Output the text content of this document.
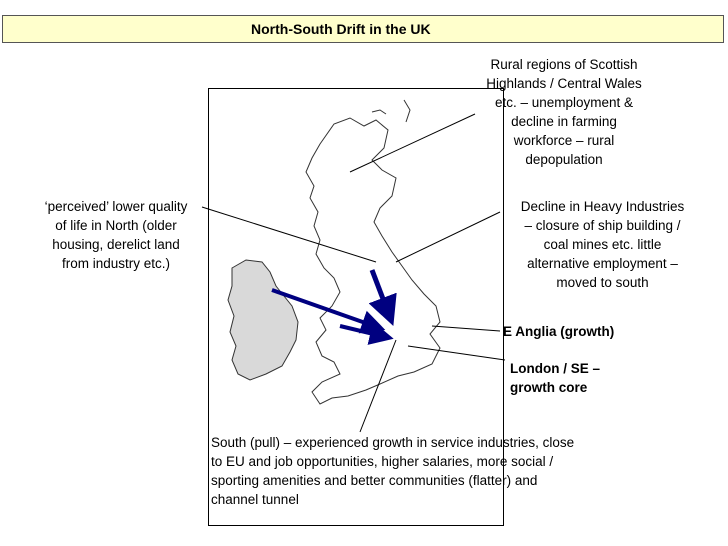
North-South Drift in the UK
Rural regions of Scottish
Highlands / Central Wales
etc. – unemployment &
decline in farming
workforce – rural
depopulation
‘perceived’ lower quality
of life in North (older
housing, derelict land
from industry etc.)
Decline in Heavy Industries
– closure of ship building /
coal mines etc. little
alternative employment –
moved to south
E Anglia (growth)
London / SE –
growth core
South (pull) – experienced growth in service industries, close
to EU and job opportunities, higher salaries, more social /
sporting amenities and better communities (flatter) and
channel tunnel
